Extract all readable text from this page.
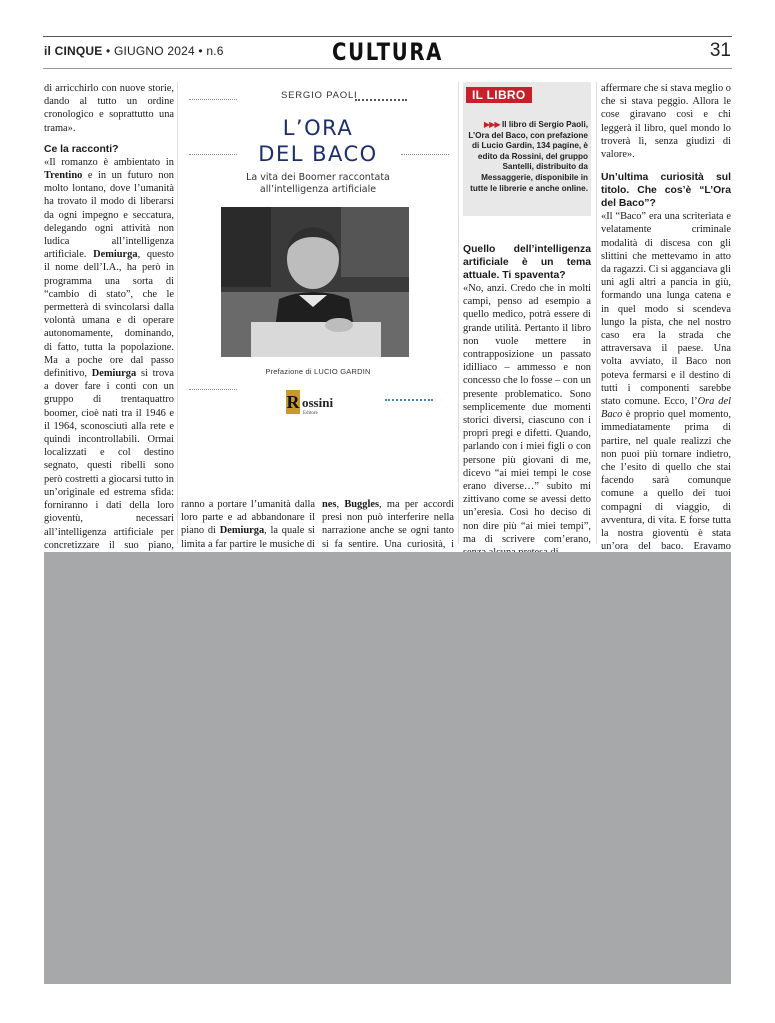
il CINQUE • GIUGNO 2024 • n.6	CULTURA	31

di arricchirlo con nuove storie, dando al tutto un ordine cronologico e soprattutto una trama».

Ce la racconti?

«Il romanzo è ambientato in Trentino e in un futuro non molto lontano, dove l’umanità ha trovato il modo di liberarsi da ogni impegno e seccatura, delegando ogni attività non ludica all’intelligenza artificiale. Demiurga, questo il nome dell’I.A., ha però in programma una sorta di “cambio di stato”, che le permetterà di svincolarsi dalla volontà umana e di operare autonomamente, dominando, di fatto, tutta la popolazione. Ma a poche ore dal passo definitivo, Demiurga si trova a dover fare i conti con un gruppo di trentaquattro boomer, cioè nati tra il 1946 e il 1964, sconosciuti alla rete e quindi incontrollabili. Ormai localizzati e col destino segnato, questi ribelli sono però costretti a giocarsi tutto in un’originale ed estrema sfida: forniranno i dati della loro gioventù, necessari all’intelligenza artificiale per concretizzare il suo piano,

SERGIO PAOLI
L’ORA
DEL BACO
La vita dei Boomer raccontata
all’intelligenza artificiale
Prefazione di LUCIO GARDIN
R ossini
Editore

ranno a portare l’umanità dalla loro parte e ad abbandonare il piano di Demiurga, la quale si limita a far partire le musiche di

nes, Buggles, ma per accordi presi non può interferire nella narrazione anche se ogni tanto si fa sentire. Una curiosità, i

IL LIBRO
▶▶▶ Il libro di Sergio Paoli, L’Ora del Baco, con prefazione di Lucio Gardin, 134 pagine, è edito da Rossini, del gruppo Santelli, distribuito da Messaggerie, disponibile in tutte le librerie e anche online.

Quello dell’intelligenza artificiale è un tema attuale. Ti spaventa?

«No, anzi. Credo che in molti campi, penso ad esempio a quello medico, potrà essere di grande utilità. Pertanto il libro non vuole mettere in contrapposizione un passato idilliaco – ammesso e non concesso che lo fosse – con un presente problematico. Sono semplicemente due momenti storici diversi, ciascuno con i propri pregi e difetti. Quando, parlando con i miei figli o con persone più giovani di me, dicevo “ai miei tempi le cose erano diverse…” subito mi zittivano come se avessi detto un’eresia. Così ho deciso di non dire più “ai miei tempi”, ma di scrivere com’erano,

affermare che si stava meglio o che si stava peggio. Allora le cose giravano così e chi leggerà il libro, quel mondo lo troverà lì, senza giudizi di valore».

Un’ultima curiosità sul titolo. Che cos’è “L’Ora del Baco”?

«Il “Baco” era una scriteriata e velatamente criminale modalità di discesa con gli slittini che mettevamo in atto da ragazzi. Ci si agganciava gli uni agli altri a pancia in giù, formando una lunga catena e in quel modo si scendeva lungo la pista, che nel nostro caso era la strada che attraversava il paese. Una volta avviato, il Baco non poteva fermarsi e il destino di tutti i componenti sarebbe stato comune. Ecco, l’Ora del Baco è proprio quel momento, immediatamente prima di partire, nel quale realizzi che non puoi più tornare indietro, che l’esito di quello che stai facendo sarà comunque comune a quello dei tuoi compagni di viaggio, di avventura, di vita. E forse tutta la nostra gioventù è stata un’ora del baco. Eravamo
